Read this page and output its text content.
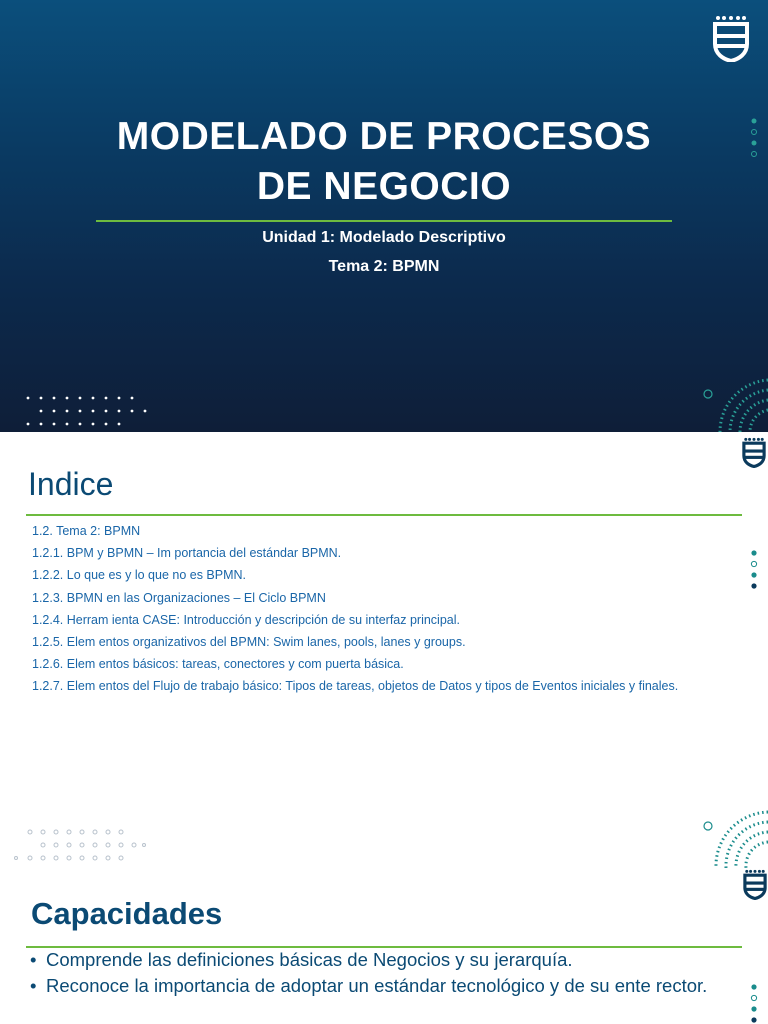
MODELADO DE PROCESOS
DE NEGOCIO
Unidad 1: Modelado Descriptivo
Tema 2: BPMN
Indice
1.2. Tema 2: BPMN
1.2.1. BPM y BPMN – Im portancia del estándar BPMN.
1.2.2. Lo que es y lo que no es BPMN.
1.2.3. BPMN en las Organizaciones – El Ciclo BPMN
1.2.4. Herram ienta CASE: Introducción y descripción de su interfaz principal.
1.2.5. Elem entos organizativos del BPMN: Swim lanes, pools, lanes y groups.
1.2.6. Elem entos básicos: tareas, conectores y com puerta básica.
1.2.7. Elem entos del Flujo de trabajo básico: Tipos de tareas, objetos de Datos y tipos de Eventos iniciales y finales.
2
Capacidades
• Comprende las definiciones básicas de Negocios y su jerarquía.
• Reconoce la importancia de adoptar un estándar tecnológico y de su ente rector.
